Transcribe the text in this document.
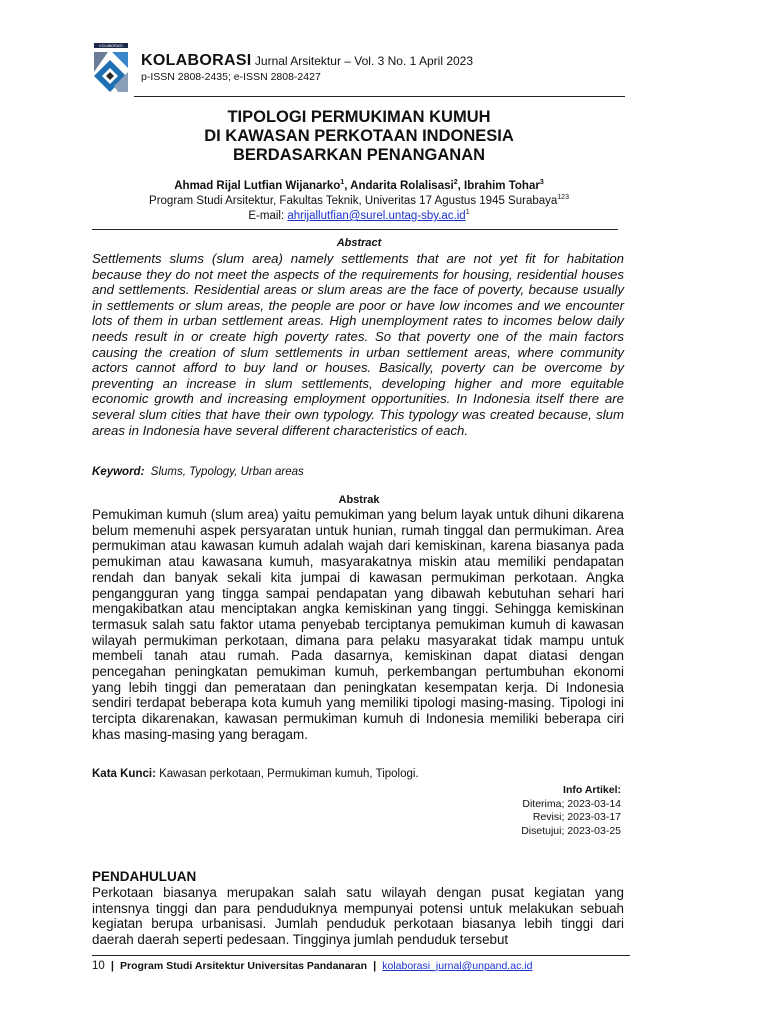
KOLABORASI
KOLABORASI Jurnal Arsitektur – Vol. 3 No. 1 April 2023
p-ISSN 2808-2435; e-ISSN 2808-2427
TIPOLOGI PERMUKIMAN KUMUH
DI KAWASAN PERKOTAAN INDONESIA
BERDASARKAN PENANGANAN
Ahmad Rijal Lutfian Wijanarko$^1$, Andarita Rolalisasi$^2$, Ibrahim Tohar$^3$
Program Studi Arsitektur, Fakultas Teknik, Univeritas 17 Agustus 1945 Surabaya$^{123}$
E-mail: $ahrijallutfian@surel.untag-sby.ac.id^1$
Abstract
Settlements slums (slum area) namely settlements that are not yet fit for habitation because they do not meet the aspects of the requirements for housing, residential houses and settlements. Residential areas or slum areas are the face of poverty, because usually in settlements or slum areas, the people are poor or have low incomes and we encounter lots of them in urban settlement areas. High unemployment rates to incomes below daily needs result in or create high poverty rates. So that poverty one of the main factors causing the creation of slum settlements in urban settlement areas, where community actors cannot afford to buy land or houses. Basically, poverty can be overcome by preventing an increase in slum settlements, developing higher and more equitable economic growth and increasing employment opportunities. In Indonesia itself there are several slum cities that have their own typology. This typology was created because, slum areas in Indonesia have several different characteristics of each.
Keyword: Slums, Typology, Urban areas
Abstrak
Pemukiman kumuh (slum area) yaitu pemukiman yang belum layak untuk dihuni dikarena belum memenuhi aspek persyaratan untuk hunian, rumah tinggal dan permukiman. Area permukiman atau kawasan kumuh adalah wajah dari kemiskinan, karena biasanya pada pemukiman atau kawasana kumuh, masyarakatnya miskin atau memiliki pendapatan rendah dan banyak sekali kita jumpai di kawasan permukiman perkotaan. Angka pengangguran yang tingga sampai pendapatan yang dibawah kebutuhan sehari hari mengakibatkan atau menciptakan angka kemiskinan yang tinggi. Sehingga kemiskinan termasuk salah satu faktor utama penyebab terciptanya pemukiman kumuh di kawasan wilayah permukiman perkotaan, dimana para pelaku masyarakat tidak mampu untuk membeli tanah atau rumah. Pada dasarnya, kemiskinan dapat diatasi dengan pencegahan peningkatan pemukiman kumuh, perkembangan pertumbuhan ekonomi yang lebih tinggi dan pemerataan dan peningkatan kesempatan kerja. Di Indonesia sendiri terdapat beberapa kota kumuh yang memiliki tipologi masing-masing. Tipologi ini tercipta dikarenakan, kawasan permukiman kumuh di Indonesia memiliki beberapa ciri khas masing-masing yang beragam.
Kata Kunci: Kawasan perkotaan, Permukiman kumuh, Tipologi.
Info Artikel:
Diterima; 2023-03-14
Revisi; 2023-03-17
Disetujui; 2023-03-25
PENDAHULUAN
Perkotaan biasanya merupakan salah satu wilayah dengan pusat kegiatan yang intensnya tinggi dan para penduduknya mempunyai potensi untuk melakukan sebuah kegiatan berupa urbanisasi. Jumlah penduduk perkotaan biasanya lebih tinggi dari daerah daerah seperti pedesaan. Tingginya jumlah penduduk tersebut
10 | Program Studi Arsitektur Universitas Pandanaran | kolaborasi_jurnal@unpand.ac.id
